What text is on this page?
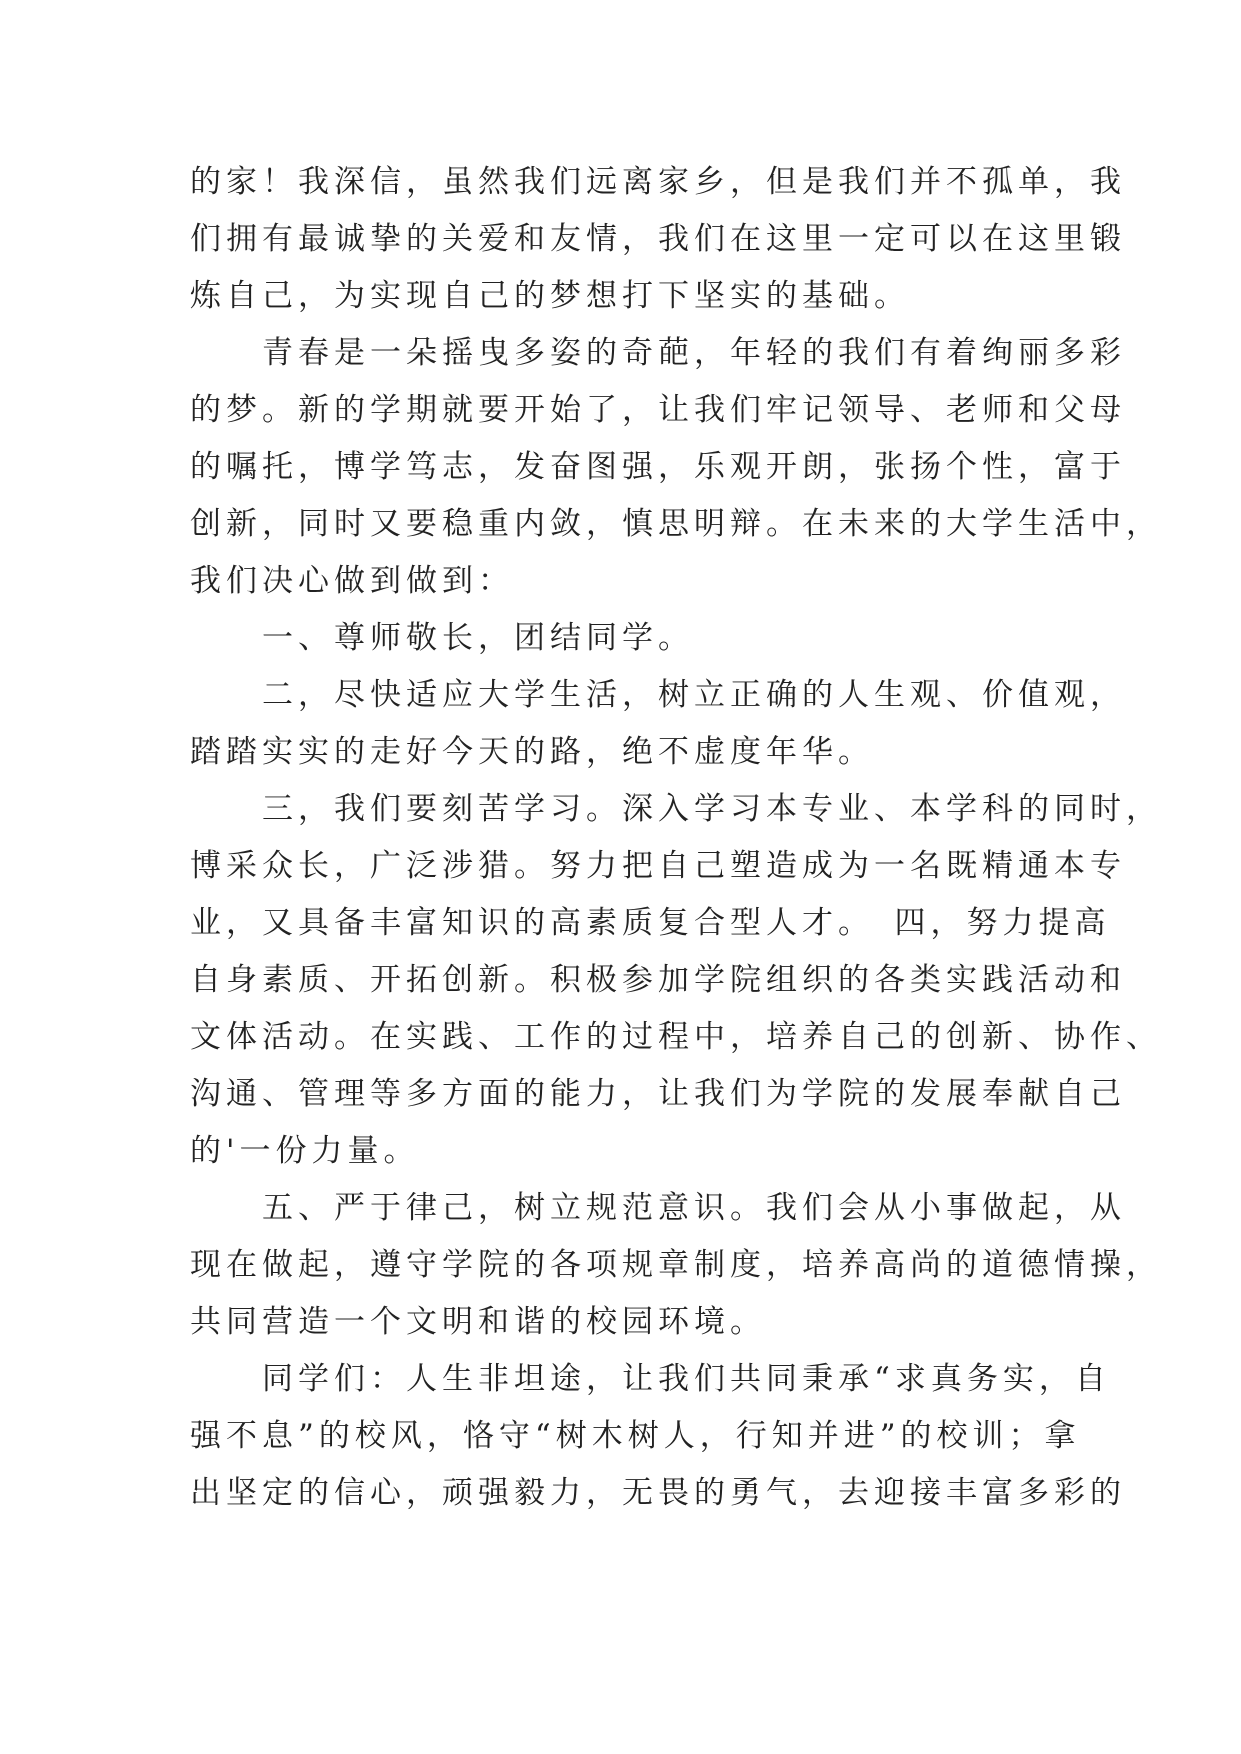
的家！我深信，虽然我们远离家乡，但是我们并不孤单，我
们拥有最诚挚的关爱和友情，我们在这里一定可以在这里锻
炼自己，为实现自己的梦想打下坚实的基础。
　　青春是一朵摇曳多姿的奇葩，年轻的我们有着绚丽多彩
的梦。新的学期就要开始了，让我们牢记领导、老师和父母
的嘱托，博学笃志，发奋图强，乐观开朗，张扬个性，富于
创新，同时又要稳重内敛，慎思明辩。在未来的大学生活中，
我们决心做到做到：
　　一、尊师敬长，团结同学。
　　二，尽快适应大学生活，树立正确的人生观、价值观，
踏踏实实的走好今天的路，绝不虚度年华。
　　三，我们要刻苦学习。深入学习本专业、本学科的同时，
博采众长，广泛涉猎。努力把自己塑造成为一名既精通本专
业，又具备丰富知识的高素质复合型人才。　四，努力提高
自身素质、开拓创新。积极参加学院组织的各类实践活动和
文体活动。在实践、工作的过程中，培养自己的创新、协作、
沟通、管理等多方面的能力，让我们为学院的发展奉献自己
的'一份力量。
　　五、严于律己，树立规范意识。我们会从小事做起，从
现在做起，遵守学院的各项规章制度，培养高尚的道德情操，
共同营造一个文明和谐的校园环境。
　　同学们：人生非坦途，让我们共同秉承“求真务实，自
强不息”的校风，恪守“树木树人，行知并进”的校训；拿
出坚定的信心，顽强毅力，无畏的勇气，去迎接丰富多彩的
